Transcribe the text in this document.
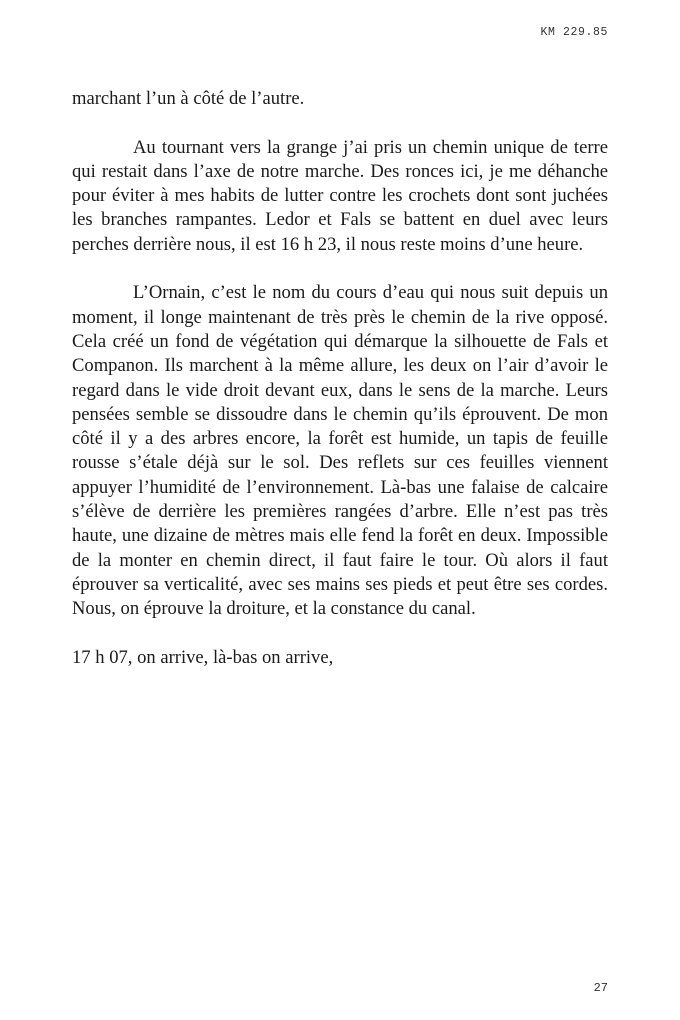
KM 229.85

marchant l’un à côté de l’autre.

Au tournant vers la grange j’ai pris un chemin unique de terre qui restait dans l’axe de notre marche. Des ronces ici, je me déhanche pour éviter à mes habits de lutter contre les crochets dont sont juchées les branches rampantes. Ledor et Fals se battent en duel avec leurs perches derrière nous, il est 16 h 23, il nous reste moins d’une heure.

L’Ornain, c’est le nom du cours d’eau qui nous suit depuis un moment, il longe maintenant de très près le chemin de la rive opposé. Cela créé un fond de végétation qui démarque la silhouette de Fals et Companon. Ils marchent à la même allure, les deux on l’air d’avoir le regard dans le vide droit devant eux, dans le sens de la marche. Leurs pensées semble se dissoudre dans le chemin qu’ils éprouvent. De mon côté il y a des arbres encore, la forêt est humide, un tapis de feuille rousse s’étale déjà sur le sol. Des reflets sur ces feuilles viennent appuyer l’humidité de l’environnement. Là-bas une falaise de calcaire s’élève de derrière les premières rangées d’arbre. Elle n’est pas très haute, une dizaine de mètres mais elle fend la forêt en deux. Impossible de la monter en chemin direct, il faut faire le tour. Où alors il faut éprouver sa verticalité, avec ses mains ses pieds et peut être ses cordes. Nous, on éprouve la droiture, et la constance du canal.

17 h 07, on arrive, là-bas on arrive,

27
